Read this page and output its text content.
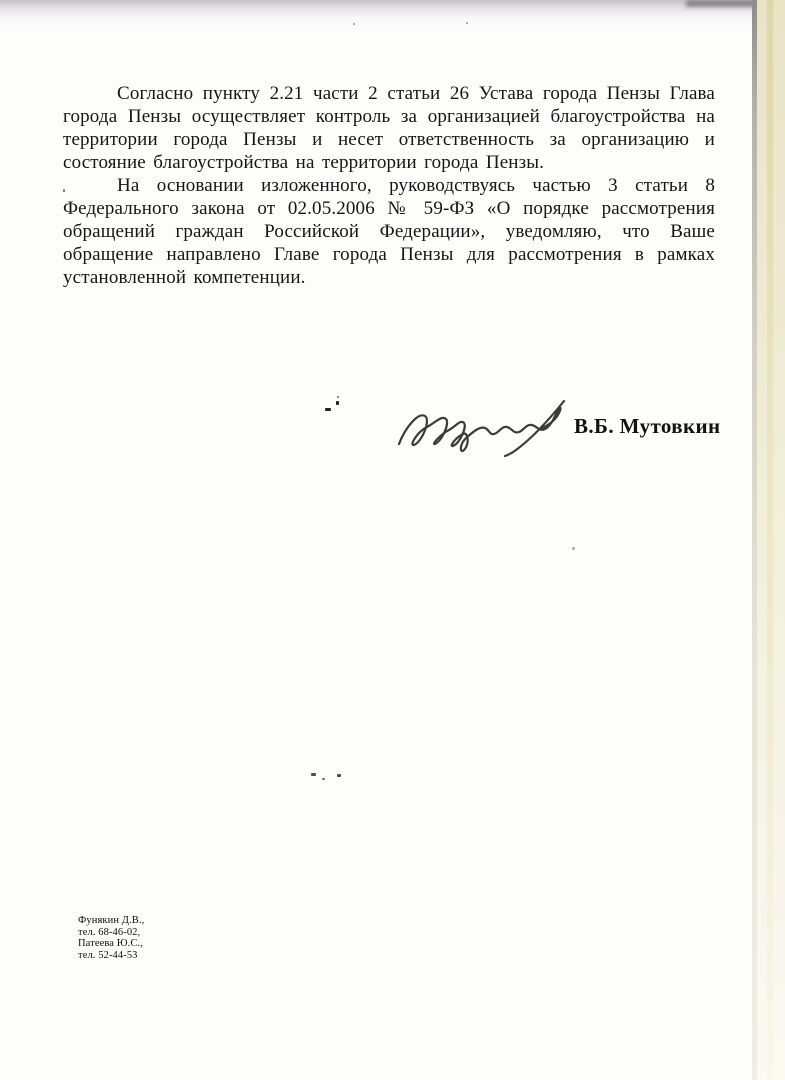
Согласно пункту 2.21 части 2 статьи 26 Устава города Пензы Глава города Пензы осуществляет контроль за организацией благоустройства на территории города Пензы и несет ответственность за организацию и состояние благоустройства на территории города Пензы.

На основании изложенного, руководствуясь частью 3 статьи 8 Федерального закона от 02.05.2006 № 59-ФЗ «О порядке рассмотрения обращений граждан Российской Федерации», уведомляю, что Ваше обращение направлено Главе города Пензы для рассмотрения в рамках установленной компетенции.

В.Б. Мутовкин
Фунякин Д.В.,
тел. 68-46-02,
Патеева Ю.С.,
тел. 52-44-53
